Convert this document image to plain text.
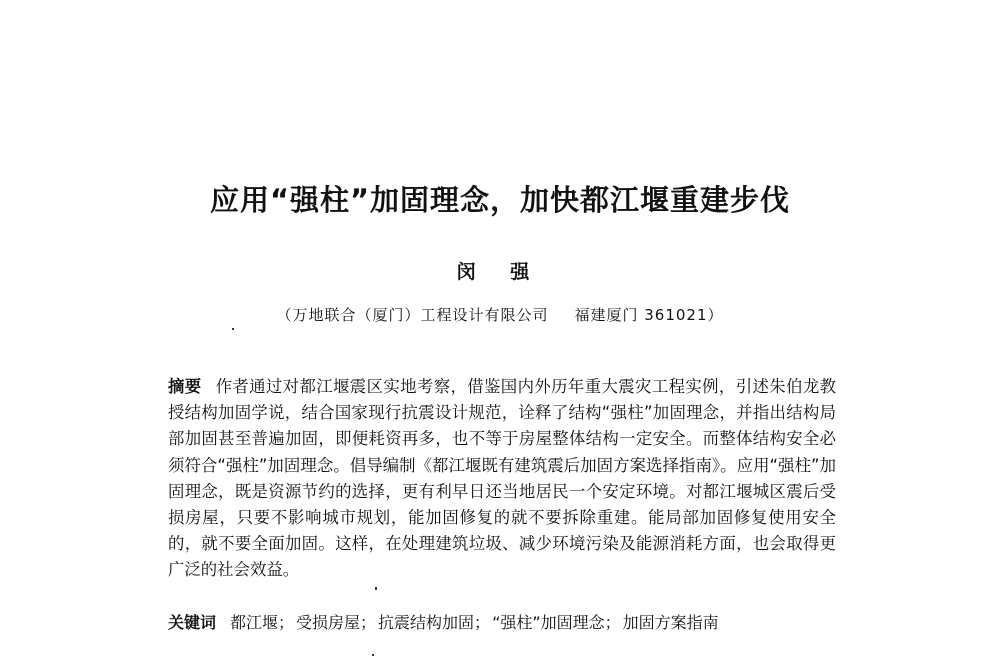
应用“强柱”加固理念，加快都江堰重建步伐
闵 强
（万地联合（厦门）工程设计有限公司 福建厦门 361021）
摘要 作者通过对都江堰震区实地考察，借鉴国内外历年重大震灾工程实例，引述朱伯龙教授结构加固学说，结合国家现行抗震设计规范，诠释了结构“强柱”加固理念，并指出结构局部加固甚至普遍加固，即便耗资再多，也不等于房屋整体结构一定安全。而整体结构安全必须符合“强柱”加固理念。倡导编制《都江堰既有建筑震后加固方案选择指南》。应用“强柱”加固理念，既是资源节约的选择，更有利早日还当地居民一个安定环境。对都江堰城区震后受损房屋，只要不影响城市规划，能加固修复的就不要拆除重建。能局部加固修复使用安全的，就不要全面加固。这样，在处理建筑垃圾、减少环境污染及能源消耗方面，也会取得更广泛的社会效益。
关键词 都江堰； 受损房屋； 抗震结构加固； “强柱”加固理念； 加固方案指南
